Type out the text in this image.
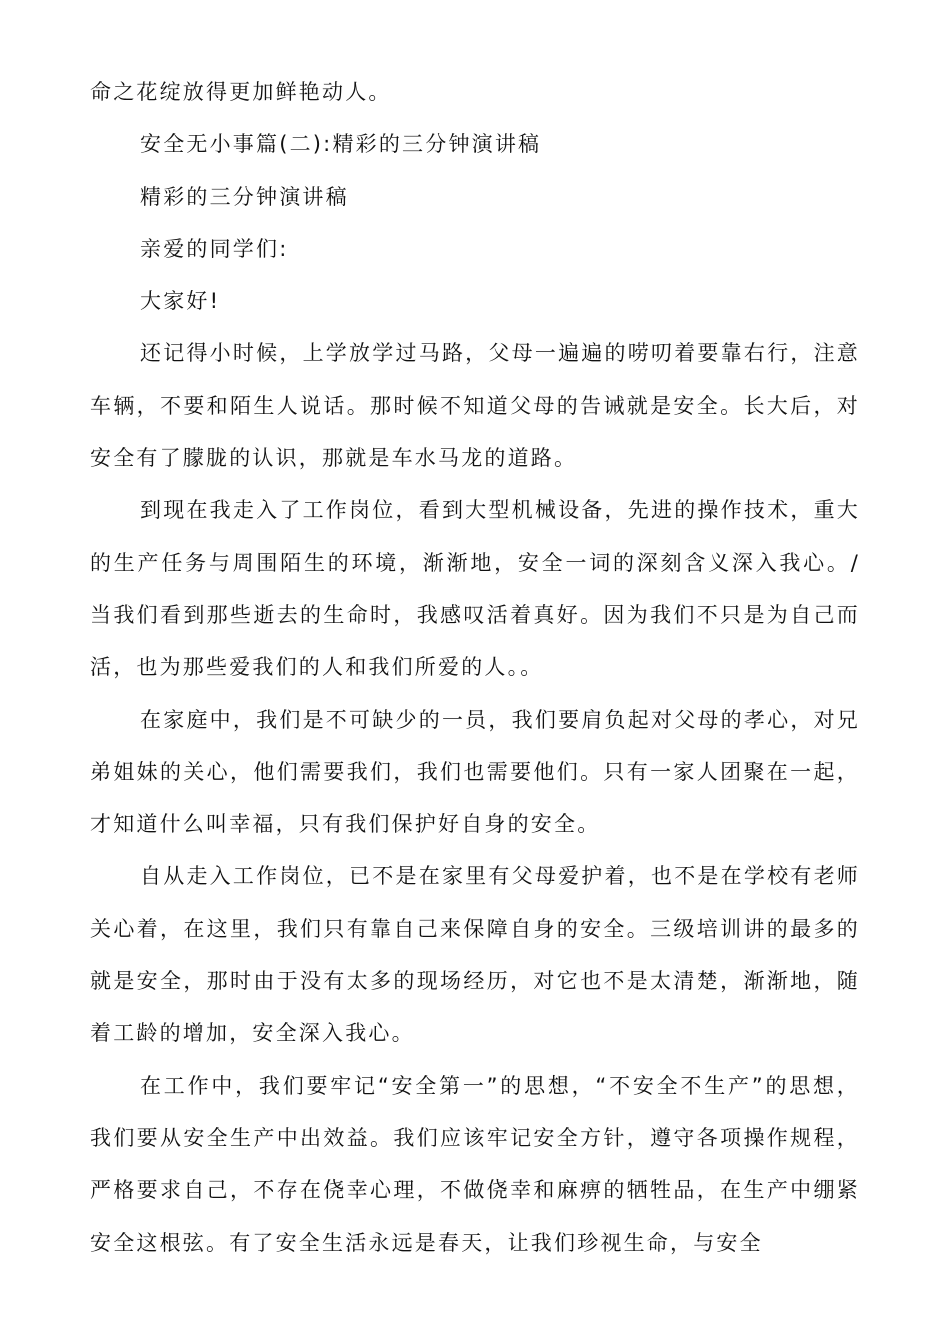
命之花绽放得更加鲜艳动人。

安全无小事篇(二):精彩的三分钟演讲稿

精彩的三分钟演讲稿

亲爱的同学们:

大家好!

还记得小时候，上学放学过马路，父母一遍遍的唠叨着要靠右行，注意车辆，不要和陌生人说话。那时候不知道父母的告诫就是安全。长大后，对安全有了朦胧的认识，那就是车水马龙的道路。

到现在我走入了工作岗位，看到大型机械设备，先进的操作技术，重大的生产任务与周围陌生的环境，渐渐地，安全一词的深刻含义深入我心。/当我们看到那些逝去的生命时，我感叹活着真好。因为我们不只是为自己而活，也为那些爱我们的人和我们所爱的人。。

在家庭中，我们是不可缺少的一员，我们要肩负起对父母的孝心，对兄弟姐妹的关心，他们需要我们，我们也需要他们。只有一家人团聚在一起，才知道什么叫幸福，只有我们保护好自身的安全。

自从走入工作岗位，已不是在家里有父母爱护着，也不是在学校有老师关心着，在这里，我们只有靠自己来保障自身的安全。三级培训讲的最多的就是安全，那时由于没有太多的现场经历，对它也不是太清楚，渐渐地，随着工龄的增加，安全深入我心。

在工作中，我们要牢记“安全第一”的思想，“不安全不生产”的思想，我们要从安全生产中出效益。我们应该牢记安全方针，遵守各项操作规程，严格要求自己，不存在侥幸心理，不做侥幸和麻痹的牺牲品，在生产中绷紧安全这根弦。有了安全生活永远是春天，让我们珍视生命，与安全
